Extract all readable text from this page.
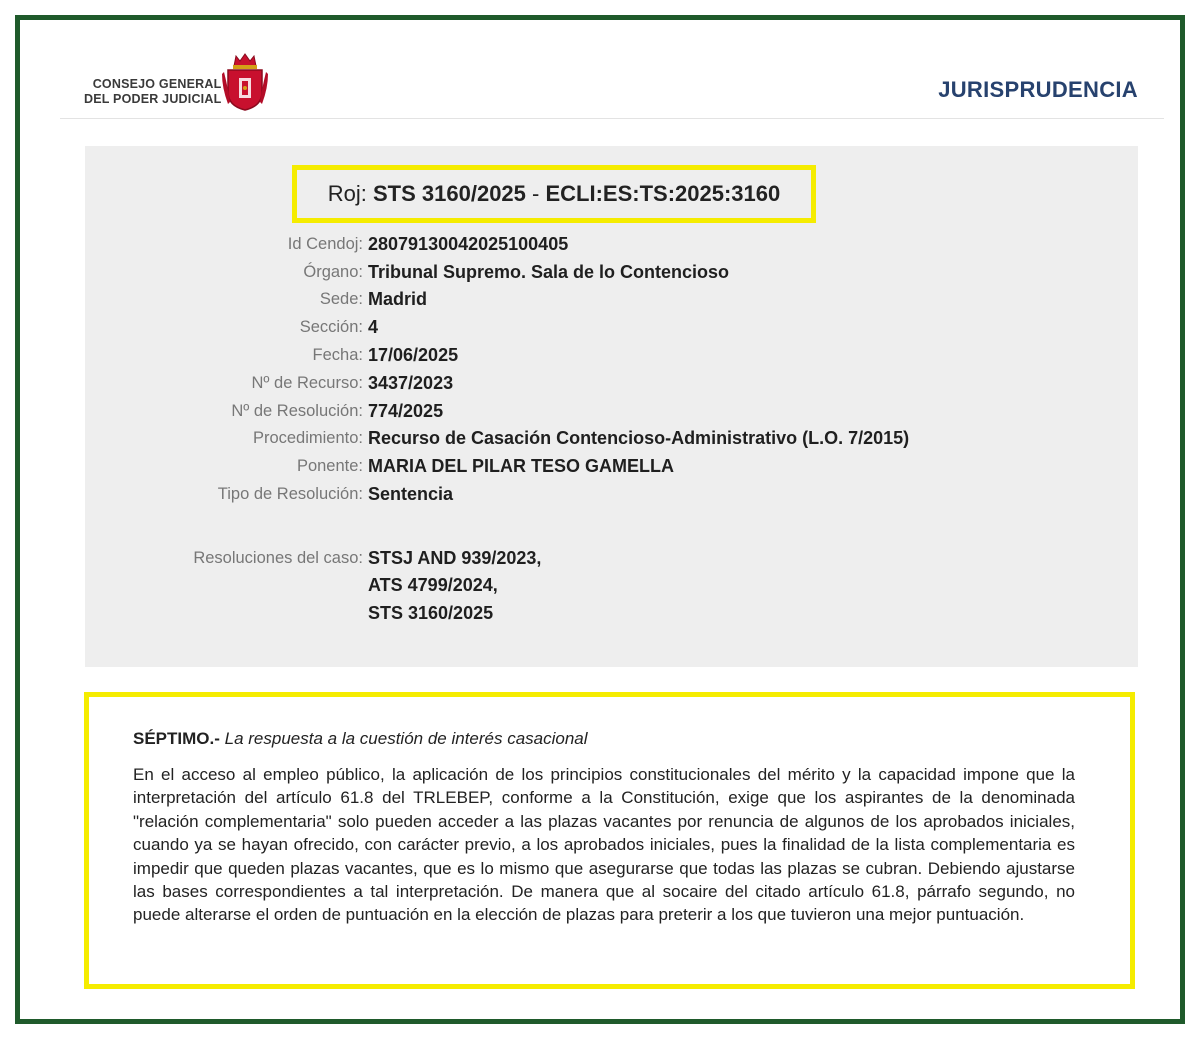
CONSEJO GENERAL
DEL PODER JUDICIAL	JURISPRUDENCIA
Roj:
STS 3160/2025
-
ECLI:ES:TS:2025:3160
Id Cendoj: 28079130042025100405
Órgano: Tribunal Supremo. Sala de lo Contencioso
Sede: Madrid
Sección: 4
Fecha: 17/06/2025
Nº de Recurso: 3437/2023
Nº de Resolución: 774/2025
Procedimiento: Recurso de Casación Contencioso-Administrativo (L.O. 7/2015)
Ponente: MARIA DEL PILAR TESO GAMELLA
Tipo de Resolución: Sentencia
Resoluciones del caso: STSJ AND 939/2023,
ATS 4799/2024,
STS 3160/2025
SÉPTIMO.- La respuesta a la cuestión de interés casacional
En el acceso al empleo público, la aplicación de los principios constitucionales del mérito y la capacidad impone que la interpretación del artículo 61.8 del TRLEBEP, conforme a la Constitución, exige que los aspirantes de la denominada "relación complementaria" solo pueden acceder a las plazas vacantes por renuncia de algunos de los aprobados iniciales, cuando ya se hayan ofrecido, con carácter previo, a los aprobados iniciales, pues la finalidad de la lista complementaria es impedir que queden plazas vacantes, que es lo mismo que asegurarse que todas las plazas se cubran. Debiendo ajustarse las bases correspondientes a tal interpretación. De manera que al socaire del citado artículo 61.8, párrafo segundo, no puede alterarse el orden de puntuación en la elección de plazas para preterir a los que tuvieron una mejor puntuación.
